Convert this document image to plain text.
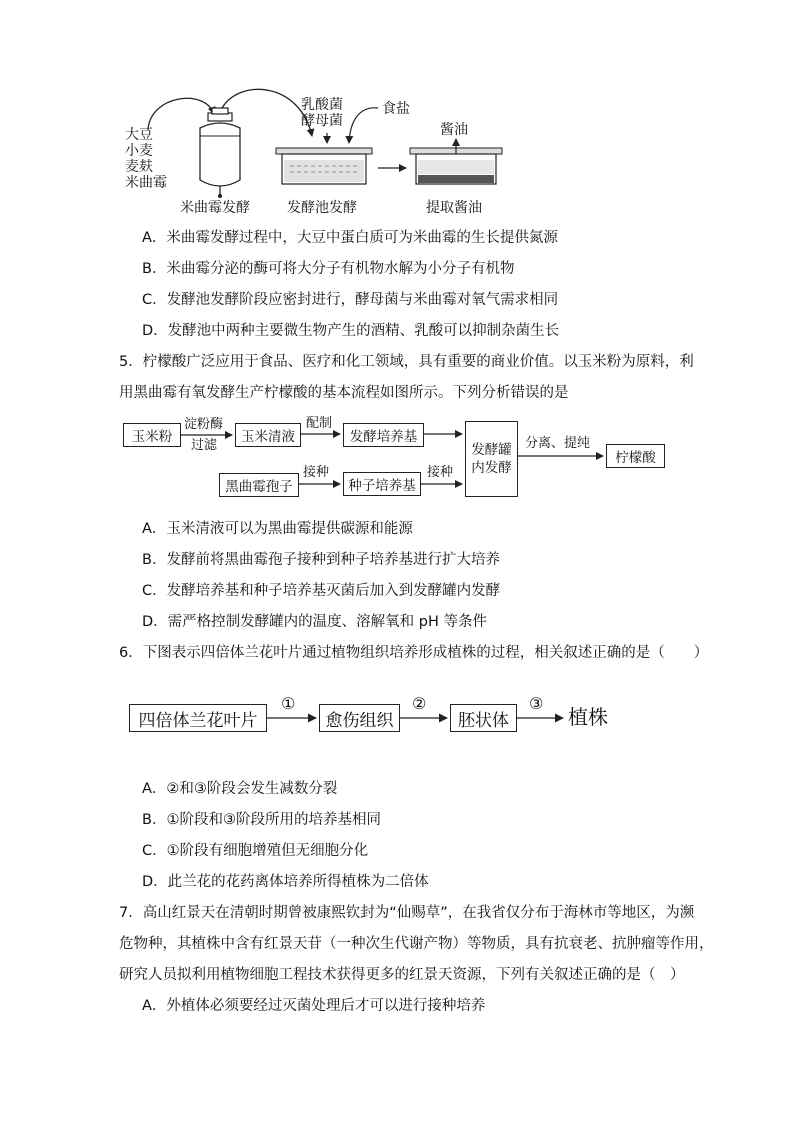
大豆
小麦
麦麸
米曲霉
乳酸菌
酵母菌
食盐
酱油
米曲霉发酵	发酵池发酵	提取酱油
A．米曲霉发酵过程中，大豆中蛋白质可为米曲霉的生长提供氮源
B．米曲霉分泌的酶可将大分子有机物水解为小分子有机物
C．发酵池发酵阶段应密封进行，酵母菌与米曲霉对氧气需求相同
D．发酵池中两种主要微生物产生的酒精、乳酸可以抑制杂菌生长
5．柠檬酸广泛应用于食品、医疗和化工领域，具有重要的商业价值。以玉米粉为原料，利
用黑曲霉有氧发酵生产柠檬酸的基本流程如图所示。下列分析错误的是
玉米粉
淀粉酶
过滤
玉米清液
配制
发酵培养基
黑曲霉孢子
接种
种子培养基
接种
发酵罐
内发酵
分离、提纯
柠檬酸
A．玉米清液可以为黑曲霉提供碳源和能源
B．发酵前将黑曲霉孢子接种到种子培养基进行扩大培养
C．发酵培养基和种子培养基灭菌后加入到发酵罐内发酵
D．需严格控制发酵罐内的温度、溶解氧和 pH 等条件
6．下图表示四倍体兰花叶片通过植物组织培养形成植株的过程，相关叙述正确的是（　　）
四倍体兰花叶片
①
愈伤组织
②
胚状体
③
植株
A．②和③阶段会发生减数分裂
B．①阶段和③阶段所用的培养基相同
C．①阶段有细胞增殖但无细胞分化
D．此兰花的花药离体培养所得植株为二倍体
7．高山红景天在清朝时期曾被康熙钦封为“仙赐草”，在我省仅分布于海林市等地区，为濒
危物种，其植株中含有红景天苷（一种次生代谢产物）等物质，具有抗衰老、抗肿瘤等作用，
研究人员拟利用植物细胞工程技术获得更多的红景天资源，下列有关叙述正确的是（　）
A．外植体必须要经过灭菌处理后才可以进行接种培养
